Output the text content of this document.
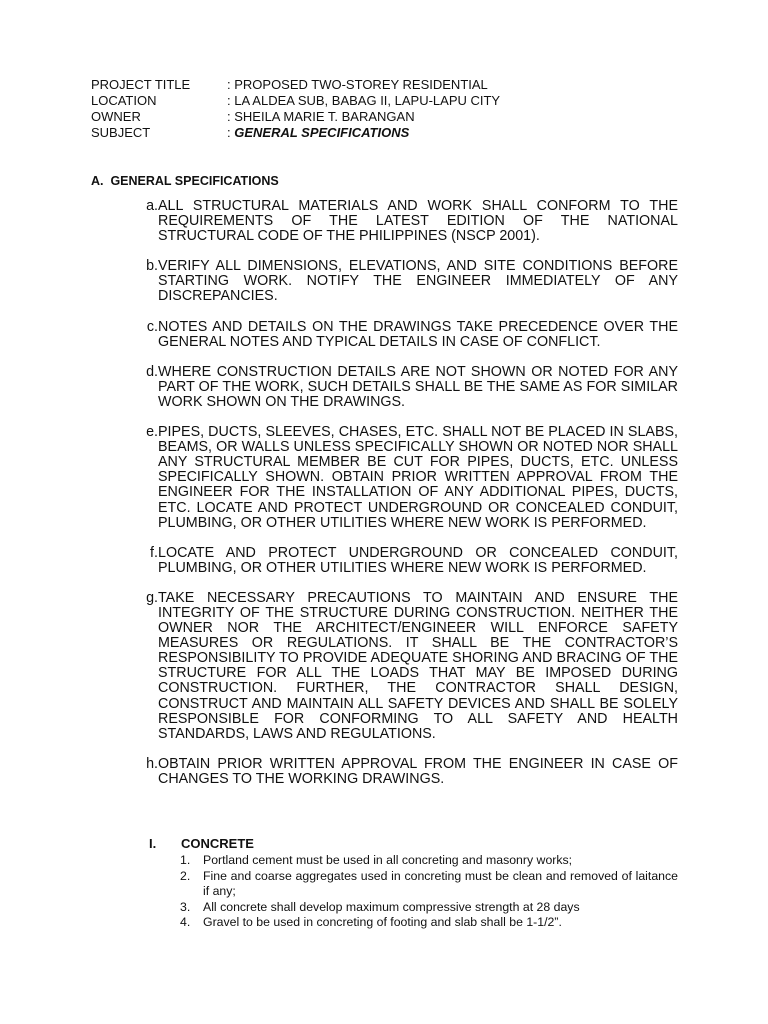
PROJECT TITLE	: PROPOSED TWO-STOREY RESIDENTIAL
LOCATION	: LA ALDEA SUB, BABAG II, LAPU-LAPU CITY
OWNER	: SHEILA MARIE T. BARANGAN
SUBJECT	: GENERAL SPECIFICATIONS
A.  GENERAL SPECIFICATIONS
a. ALL STRUCTURAL MATERIALS AND WORK SHALL CONFORM TO THE REQUIREMENTS OF THE LATEST EDITION OF THE NATIONAL STRUCTURAL CODE OF THE PHILIPPINES (NSCP 2001).
b. VERIFY ALL DIMENSIONS, ELEVATIONS, AND SITE CONDITIONS BEFORE STARTING WORK. NOTIFY THE ENGINEER IMMEDIATELY OF ANY DISCREPANCIES.
c. NOTES AND DETAILS ON THE DRAWINGS TAKE PRECEDENCE OVER THE GENERAL NOTES AND TYPICAL DETAILS IN CASE OF CONFLICT.
d. WHERE CONSTRUCTION DETAILS ARE NOT SHOWN OR NOTED FOR ANY PART OF THE WORK, SUCH DETAILS SHALL BE THE SAME AS FOR SIMILAR WORK SHOWN ON THE DRAWINGS.
e. PIPES, DUCTS, SLEEVES, CHASES, ETC. SHALL NOT BE PLACED IN SLABS, BEAMS, OR WALLS UNLESS SPECIFICALLY SHOWN OR NOTED NOR SHALL ANY STRUCTURAL MEMBER BE CUT FOR PIPES, DUCTS, ETC. UNLESS SPECIFICALLY SHOWN. OBTAIN PRIOR WRITTEN APPROVAL FROM THE ENGINEER FOR THE INSTALLATION OF ANY ADDITIONAL PIPES, DUCTS, ETC. LOCATE AND PROTECT UNDERGROUND OR CONCEALED CONDUIT, PLUMBING, OR OTHER UTILITIES WHERE NEW WORK IS PERFORMED.
f. LOCATE AND PROTECT UNDERGROUND OR CONCEALED CONDUIT, PLUMBING, OR OTHER UTILITIES WHERE NEW WORK IS PERFORMED.
g. TAKE NECESSARY PRECAUTIONS TO MAINTAIN AND ENSURE THE INTEGRITY OF THE STRUCTURE DURING CONSTRUCTION. NEITHER THE OWNER NOR THE ARCHITECT/ENGINEER WILL ENFORCE SAFETY MEASURES OR REGULATIONS. IT SHALL BE THE CONTRACTOR’S RESPONSIBILITY TO PROVIDE ADEQUATE SHORING AND BRACING OF THE STRUCTURE FOR ALL THE LOADS THAT MAY BE IMPOSED DURING CONSTRUCTION. FURTHER, THE CONTRACTOR SHALL DESIGN, CONSTRUCT AND MAINTAIN ALL SAFETY DEVICES AND SHALL BE SOLELY RESPONSIBLE FOR CONFORMING TO ALL SAFETY AND HEALTH STANDARDS, LAWS AND REGULATIONS.
h. OBTAIN PRIOR WRITTEN APPROVAL FROM THE ENGINEER IN CASE OF CHANGES TO THE WORKING DRAWINGS.
I.	CONCRETE
1.	Portland cement must be used in all concreting and masonry works;
2.	Fine and coarse aggregates used in concreting must be clean and removed of laitance if any;
3.	All concrete shall develop maximum compressive strength at 28 days
4.	Gravel to be used in concreting of footing and slab shall be 1-1/2”.
